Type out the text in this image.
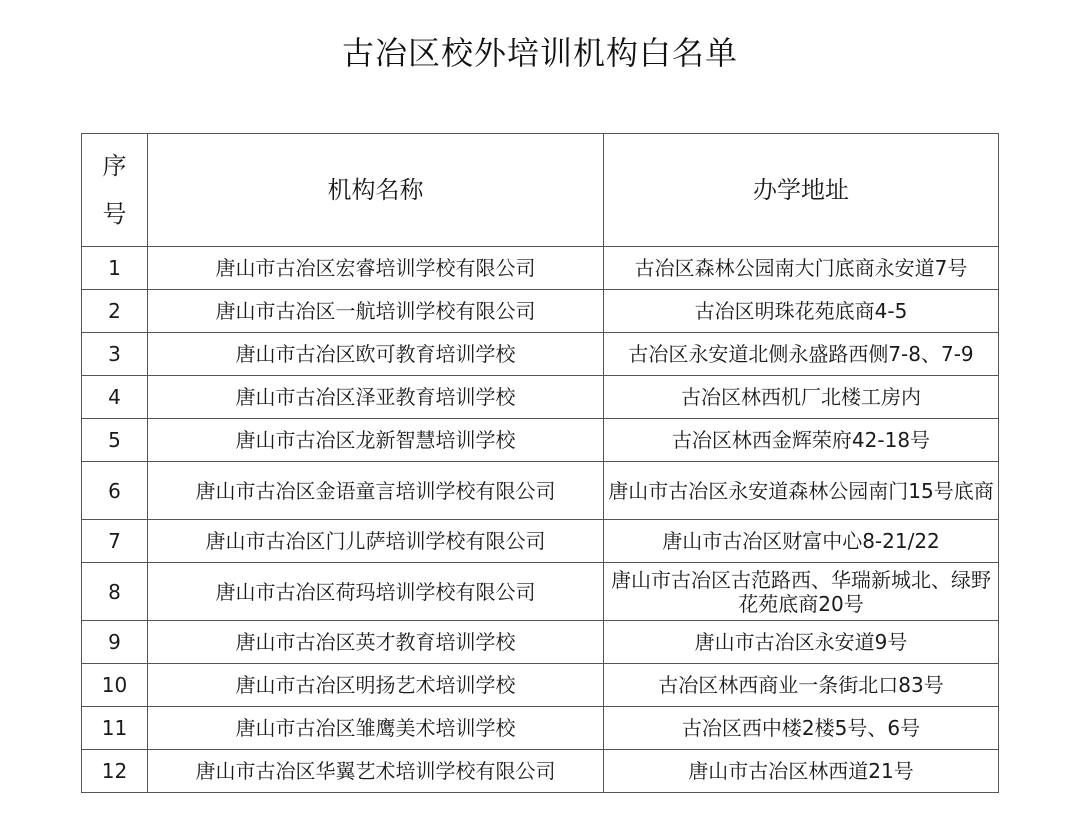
古冶区校外培训机构白名单
序
号	机构名称	办学地址
1	唐山市古冶区宏睿培训学校有限公司	古冶区森林公园南大门底商永安道7号
2	唐山市古冶区一航培训学校有限公司	古冶区明珠花苑底商4-5
3	唐山市古冶区欧可教育培训学校	古冶区永安道北侧永盛路西侧7-8、7-9
4	唐山市古冶区泽亚教育培训学校	古冶区林西机厂北楼工房内
5	唐山市古冶区龙新智慧培训学校	古冶区林西金辉荣府42-18号
6	唐山市古冶区金语童言培训学校有限公司	唐山市古冶区永安道森林公园南门15号底商
7	唐山市古冶区门儿萨培训学校有限公司	唐山市古冶区财富中心8-21/22
8	唐山市古冶区荷玛培训学校有限公司	唐山市古冶区古范路西、华瑞新城北、绿野花苑底商20号
9	唐山市古冶区英才教育培训学校	唐山市古冶区永安道9号
10	唐山市古冶区明扬艺术培训学校	古冶区林西商业一条街北口83号
11	唐山市古冶区雏鹰美术培训学校	古冶区西中楼2楼5号、6号
12	唐山市古冶区华翼艺术培训学校有限公司	唐山市古冶区林西道21号
